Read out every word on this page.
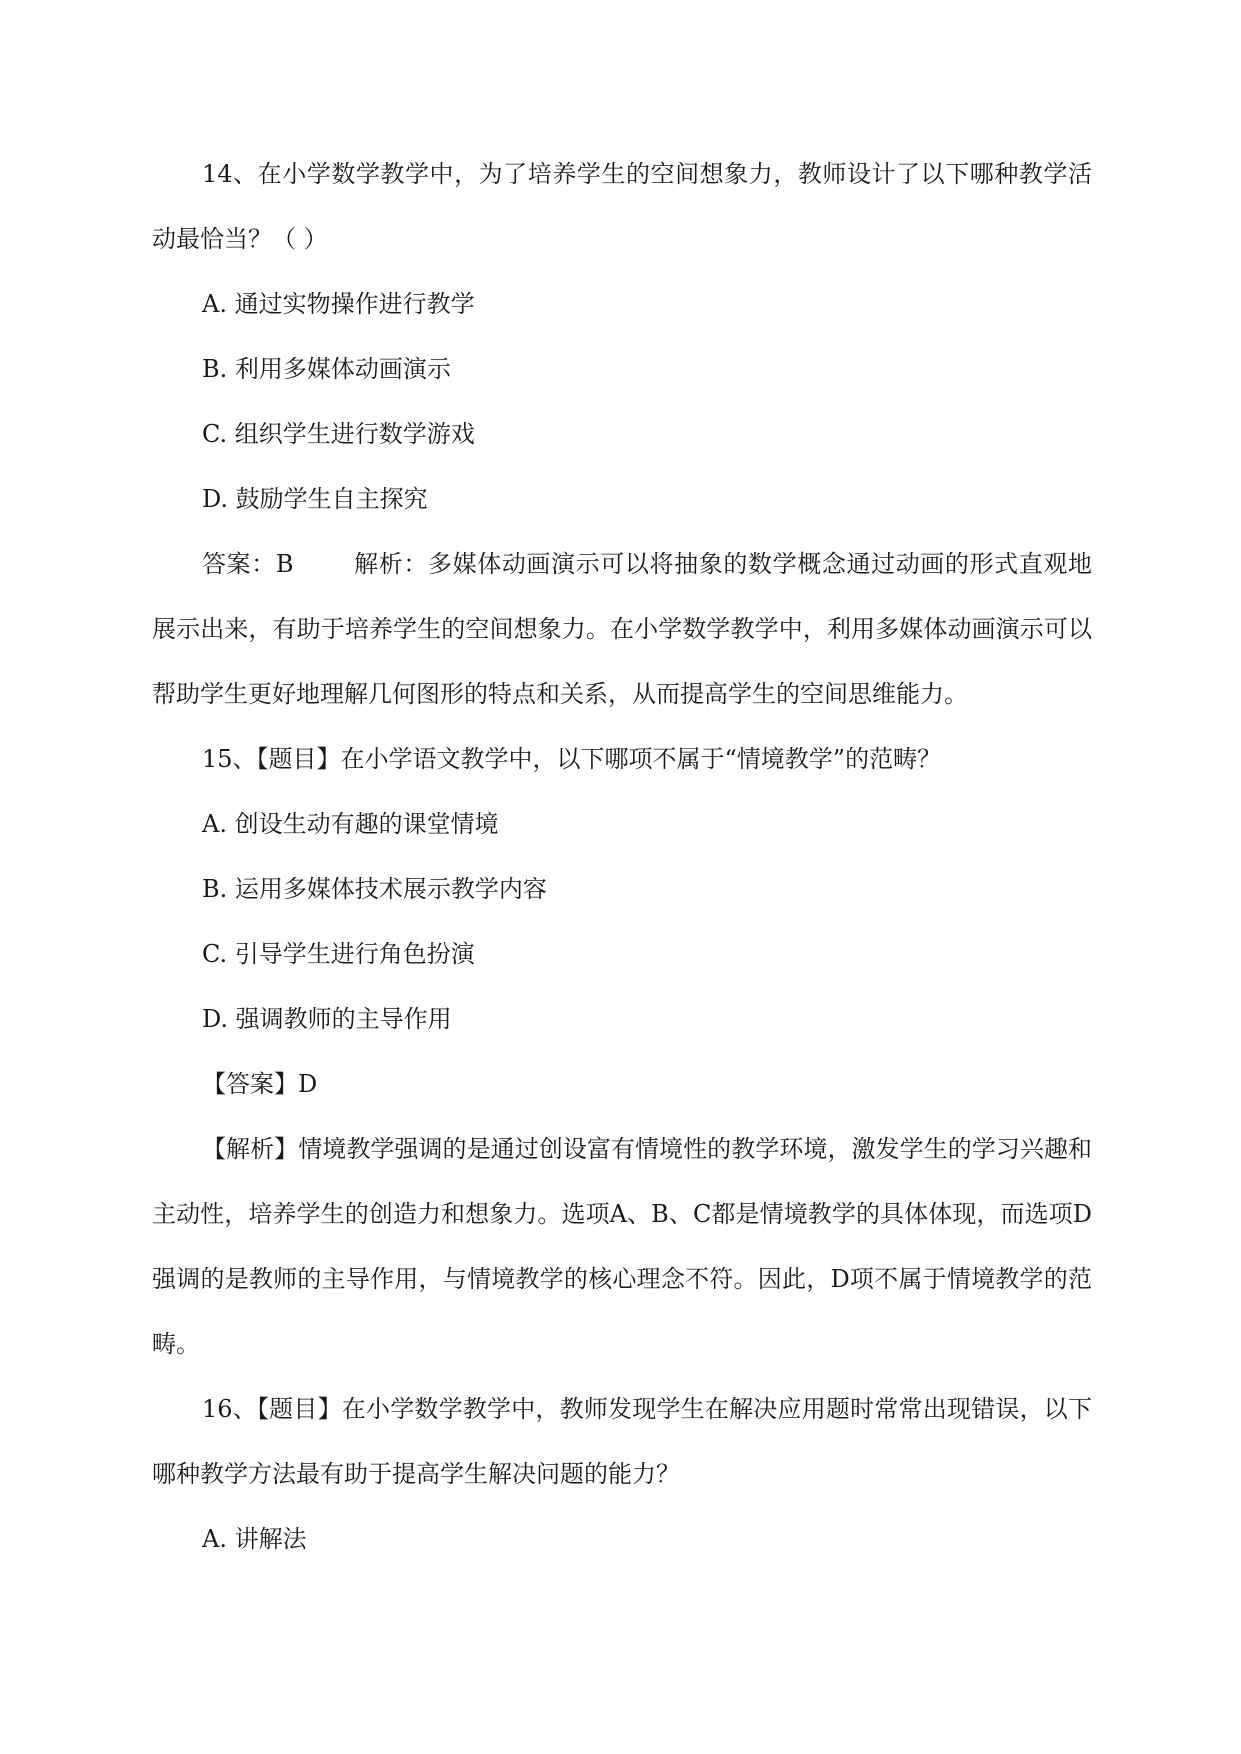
14、在小学数学教学中，为了培养学生的空间想象力，教师设计了以下哪种教学活动最恰当？（ ）

A. 通过实物操作进行教学

B. 利用多媒体动画演示

C. 组织学生进行数学游戏

D. 鼓励学生自主探究

答案：B	解析：多媒体动画演示可以将抽象的数学概念通过动画的形式直观地展示出来，有助于培养学生的空间想象力。在小学数学教学中，利用多媒体动画演示可以帮助学生更好地理解几何图形的特点和关系，从而提高学生的空间思维能力。

15、【题目】在小学语文教学中，以下哪项不属于“情境教学”的范畴？

A. 创设生动有趣的课堂情境

B. 运用多媒体技术展示教学内容

C. 引导学生进行角色扮演

D. 强调教师的主导作用

【答案】D

【解析】情境教学强调的是通过创设富有情境性的教学环境，激发学生的学习兴趣和主动性，培养学生的创造力和想象力。选项A、B、C都是情境教学的具体体现，而选项D强调的是教师的主导作用，与情境教学的核心理念不符。因此，D项不属于情境教学的范畴。

16、【题目】在小学数学教学中，教师发现学生在解决应用题时常常出现错误，以下哪种教学方法最有助于提高学生解决问题的能力？

A. 讲解法
